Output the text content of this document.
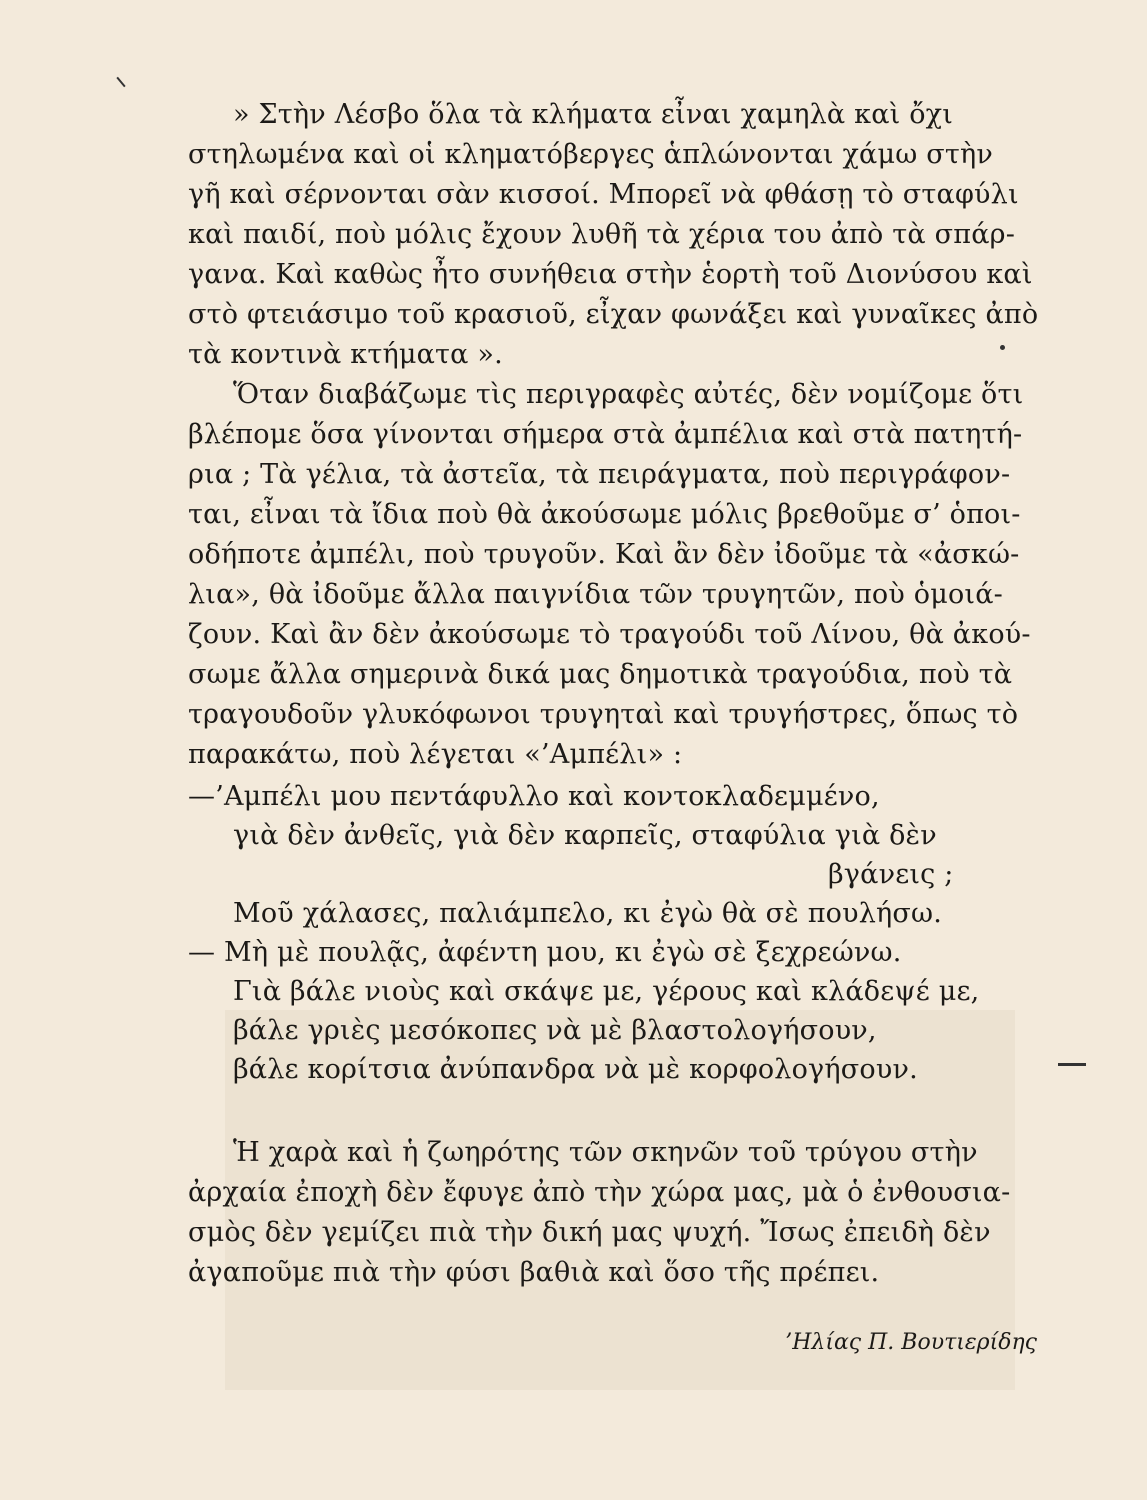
» Στὴν Λέσβο ὅλα τὰ κλήματα εἶναι χαμηλὰ καὶ ὄχι
στηλωμένα καὶ οἱ κληματόβεργες ἁπλώνονται χάμω στὴν
γῆ καὶ σέρνονται σὰν κισσοί. Μπορεῖ νὰ φθάσῃ τὸ σταφύλι
καὶ παιδί, ποὺ μόλις ἔχουν λυθῆ τὰ χέρια του ἀπὸ τὰ σπάρ-
γανα. Καὶ καθὼς ἦτο συνήθεια στὴν ἑορτὴ τοῦ Διονύσου καὶ
στὸ φτειάσιμο τοῦ κρασιοῦ, εἶχαν φωνάξει καὶ γυναῖκες ἀπὸ
τὰ κοντινὰ κτήματα ».
Ὅταν διαβάζωμε τὶς περιγραφὲς αὐτές, δὲν νομίζομε ὅτι
βλέπομε ὅσα γίνονται σήμερα στὰ ἀμπέλια καὶ στὰ πατητή-
ρια ; Τὰ γέλια, τὰ ἀστεῖα, τὰ πειράγματα, ποὺ περιγράφον-
ται, εἶναι τὰ ἴδια ποὺ θὰ ἀκούσωμε μόλις βρεθοῦμε σ’ ὁποι-
οδήποτε ἀμπέλι, ποὺ τρυγοῦν. Καὶ ἂν δὲν ἰδοῦμε τὰ «ἀσκώ-
λια», θὰ ἰδοῦμε ἄλλα παιγνίδια τῶν τρυγητῶν, ποὺ ὁμοιά-
ζουν. Καὶ ἂν δὲν ἀκούσωμε τὸ τραγούδι τοῦ Λίνου, θὰ ἀκού-
σωμε ἄλλα σημερινὰ δικά μας δημοτικὰ τραγούδια, ποὺ τὰ
τραγουδοῦν γλυκόφωνοι τρυγηταὶ καὶ τρυγήστρες, ὅπως τὸ
παρακάτω, ποὺ λέγεται «’Αμπέλι» :
—’Αμπέλι μου πεντάφυλλο καὶ κοντοκλαδεμμένο,
γιὰ δὲν ἀνθεῖς, γιὰ δὲν καρπεῖς, σταφύλια γιὰ δὲν
βγάνεις ;
Μοῦ χάλασες, παλιάμπελο, κι ἐγὼ θὰ σὲ πουλήσω.
— Μὴ μὲ πουλᾷς, ἀφέντη μου, κι ἐγὼ σὲ ξεχρεώνω.
Γιὰ βάλε νιοὺς καὶ σκάψε με, γέρους καὶ κλάδεψέ με,
βάλε γριὲς μεσόκοπες νὰ μὲ βλαστολογήσουν,
βάλε κορίτσια ἀνύπανδρα νὰ μὲ κορφολογήσουν.
Ἡ χαρὰ καὶ ἡ ζωηρότης τῶν σκηνῶν τοῦ τρύγου στὴν
ἀρχαία ἐποχὴ δὲν ἔφυγε ἀπὸ τὴν χώρα μας, μὰ ὁ ἐνθουσια-
σμὸς δὲν γεμίζει πιὰ τὴν δική μας ψυχή. Ἴσως ἐπειδὴ δὲν
ἀγαποῦμε πιὰ τὴν φύσι βαθιὰ καὶ ὅσο τῆς πρέπει.
’Ηλίας Π. Βουτιερίδης
